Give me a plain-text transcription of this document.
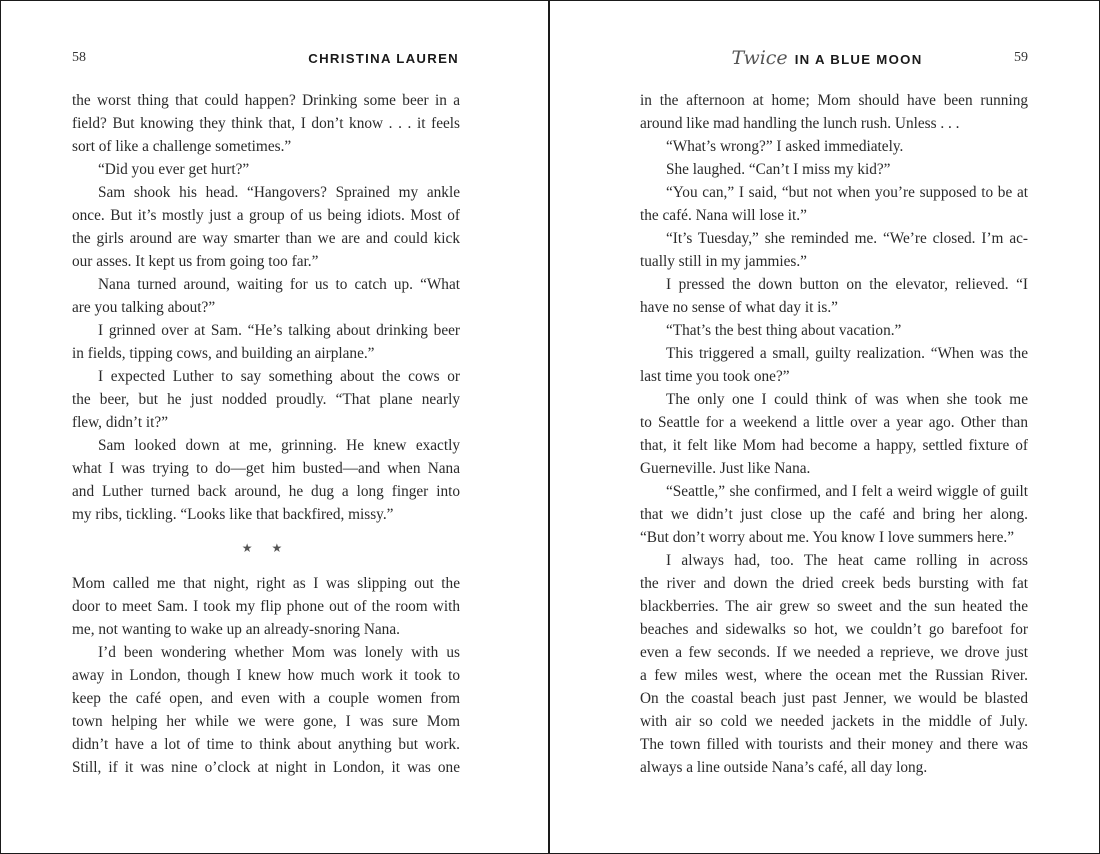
58	CHRISTINA LAUREN
the worst thing that could happen? Drinking some beer in a
field? But knowing they think that, I don’t know . . . it feels
sort of like a challenge sometimes.”
“Did you ever get hurt?”
Sam shook his head. “Hangovers? Sprained my ankle
once. But it’s mostly just a group of us being idiots. Most of
the girls around are way smarter than we are and could kick
our asses. It kept us from going too far.”
Nana turned around, waiting for us to catch up. “What
are you talking about?”
I grinned over at Sam. “He’s talking about drinking beer
in fields, tipping cows, and building an airplane.”
I expected Luther to say something about the cows or
the beer, but he just nodded proudly. “That plane nearly
flew, didn’t it?”
Sam looked down at me, grinning. He knew exactly
what I was trying to do—get him busted—and when Nana
and Luther turned back around, he dug a long finger into
my ribs, tickling. “Looks like that backfired, missy.”
★ ★
Mom called me that night, right as I was slipping out the
door to meet Sam. I took my flip phone out of the room with
me, not wanting to wake up an already-snoring Nana.
I’d been wondering whether Mom was lonely with us
away in London, though I knew how much work it took to
keep the café open, and even with a couple women from
town helping her while we were gone, I was sure Mom
didn’t have a lot of time to think about anything but work.
Still, if it was nine o’clock at night in London, it was one
Twice IN A BLUE MOON	59
in the afternoon at home; Mom should have been running
around like mad handling the lunch rush. Unless . . .
“What’s wrong?” I asked immediately.
She laughed. “Can’t I miss my kid?”
“You can,” I said, “but not when you’re supposed to be at
the café. Nana will lose it.”
“It’s Tuesday,” she reminded me. “We’re closed. I’m ac-
tually still in my jammies.”
I pressed the down button on the elevator, relieved. “I
have no sense of what day it is.”
“That’s the best thing about vacation.”
This triggered a small, guilty realization. “When was the
last time you took one?”
The only one I could think of was when she took me
to Seattle for a weekend a little over a year ago. Other than
that, it felt like Mom had become a happy, settled fixture of
Guerneville. Just like Nana.
“Seattle,” she confirmed, and I felt a weird wiggle of guilt
that we didn’t just close up the café and bring her along.
“But don’t worry about me. You know I love summers here.”
I always had, too. The heat came rolling in across
the river and down the dried creek beds bursting with fat
blackberries. The air grew so sweet and the sun heated the
beaches and sidewalks so hot, we couldn’t go barefoot for
even a few seconds. If we needed a reprieve, we drove just
a few miles west, where the ocean met the Russian River.
On the coastal beach just past Jenner, we would be blasted
with air so cold we needed jackets in the middle of July.
The town filled with tourists and their money and there was
always a line outside Nana’s café, all day long.
